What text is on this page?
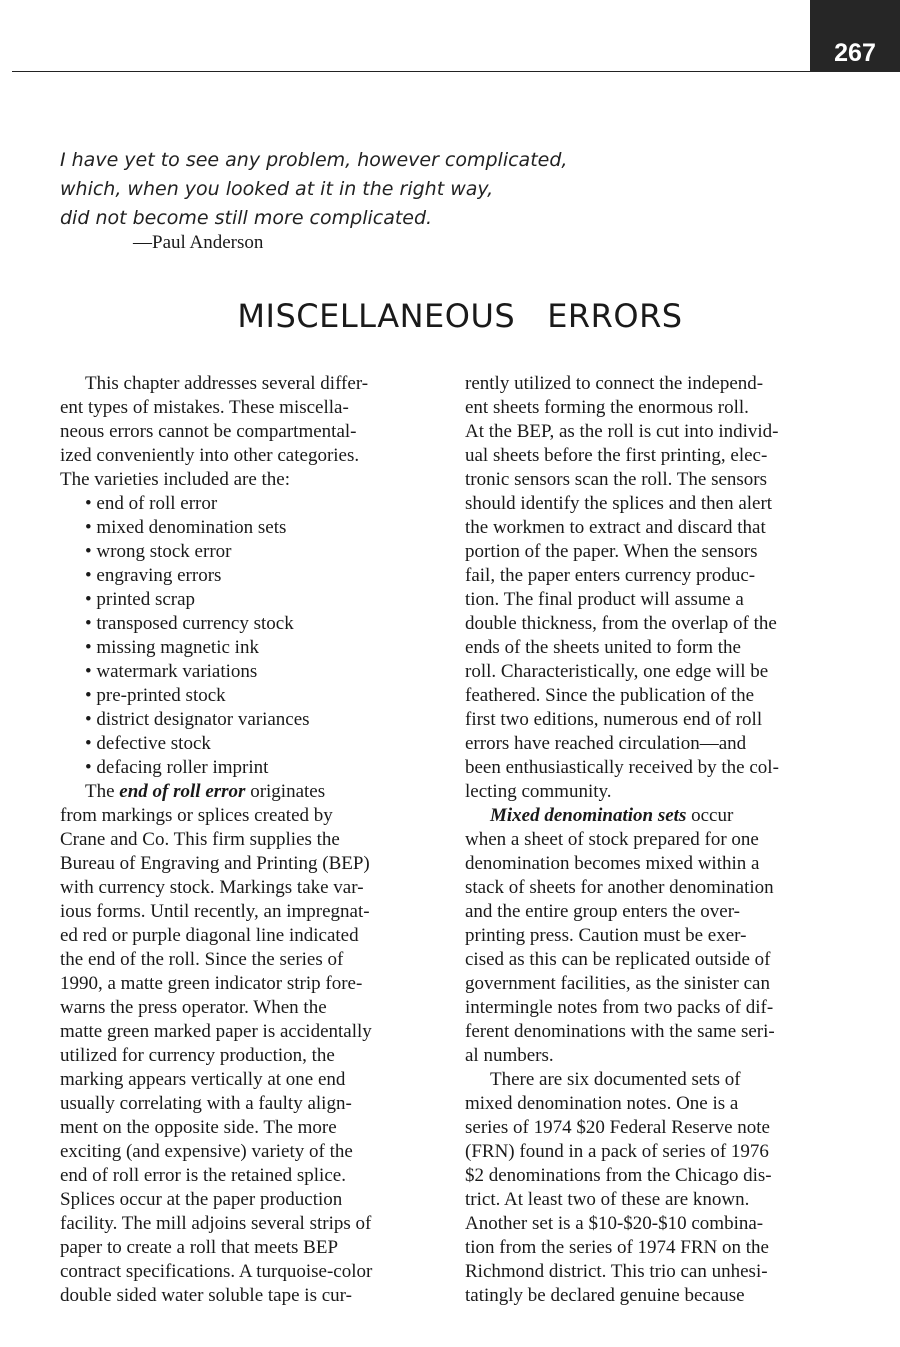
267
I have yet to see any problem, however complicated,
which, when you looked at it in the right way,
did not become still more complicated.
—Paul Anderson
MISCELLANEOUS   ERRORS
This chapter addresses several differ-
ent types of mistakes. These miscella-
neous errors cannot be compartmental-
ized conveniently into other categories.
The varieties included are the:
• end of roll error
• mixed denomination sets
• wrong stock error
• engraving errors
• printed scrap
• transposed currency stock
• missing magnetic ink
• watermark variations
• pre-printed stock
• district designator variances
• defective stock
• defacing roller imprint
The end of roll error originates
from markings or splices created by
Crane and Co. This firm supplies the
Bureau of Engraving and Printing (BEP)
with currency stock. Markings take var-
ious forms. Until recently, an impregnat-
ed red or purple diagonal line indicated
the end of the roll. Since the series of
1990, a matte green indicator strip fore-
warns the press operator. When the
matte green marked paper is accidentally
utilized for currency production, the
marking appears vertically at one end
usually correlating with a faulty align-
ment on the opposite side. The more
exciting (and expensive) variety of the
end of roll error is the retained splice.
Splices occur at the paper production
facility. The mill adjoins several strips of
paper to create a roll that meets BEP
contract specifications. A turquoise-color
double sided water soluble tape is cur-
rently utilized to connect the independ-
ent sheets forming the enormous roll.
At the BEP, as the roll is cut into individ-
ual sheets before the first printing, elec-
tronic sensors scan the roll. The sensors
should identify the splices and then alert
the workmen to extract and discard that
portion of the paper. When the sensors
fail, the paper enters currency produc-
tion. The final product will assume a
double thickness, from the overlap of the
ends of the sheets united to form the
roll. Characteristically, one edge will be
feathered. Since the publication of the
first two editions, numerous end of roll
errors have reached circulation—and
been enthusiastically received by the col-
lecting community.
Mixed denomination sets occur
when a sheet of stock prepared for one
denomination becomes mixed within a
stack of sheets for another denomination
and the entire group enters the over-
printing press. Caution must be exer-
cised as this can be replicated outside of
government facilities, as the sinister can
intermingle notes from two packs of dif-
ferent denominations with the same seri-
al numbers.
There are six documented sets of
mixed denomination notes. One is a
series of 1974 $20 Federal Reserve note
(FRN) found in a pack of series of 1976
$2 denominations from the Chicago dis-
trict. At least two of these are known.
Another set is a $10-$20-$10 combina-
tion from the series of 1974 FRN on the
Richmond district. This trio can unhesi-
tatingly be declared genuine because
